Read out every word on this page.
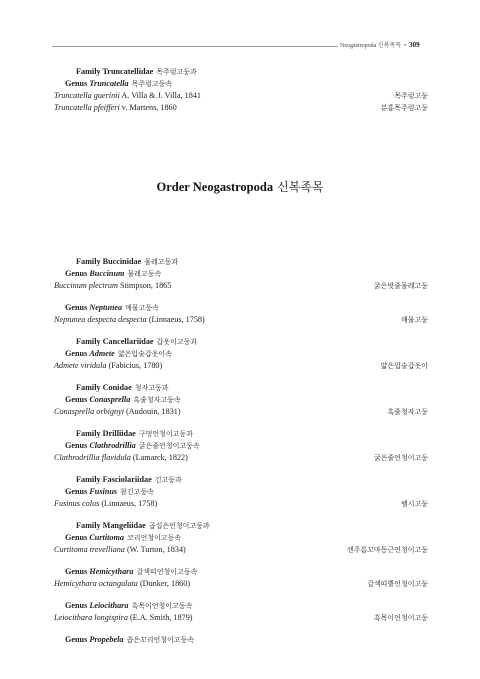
Neogastropoda 신복족목 • 309
Family Truncatellidae 목주렁고둥과
Genus Truncatella 목주렁고둥속
Truncatella guerinii A. Villa & J. Villa, 1841	목주렁고둥
Truncatella pfeifferi v. Martens, 1860	분홍목주렁고둥
Order Neogastropoda 신복족목
Family Buccinidae 물레고둥과
Genus Buccinum 물레고둥속
Buccinum plectrum Stimpson, 1865	굵은빗줄물레고둥
Genus Neptunea 매물고둥속
Neptunea despecta despecta (Linnaeus, 1758)	매물고둥
Family Cancellariidae 갑옷이고둥과
Genus Admete 얇은입술갑옷이속
Admete viridula (Fabicius, 1780)	얇은입술갑옷이
Family Conidae 청자고둥과
Genus Conasprella 흑줄청자고둥속
Conasprella orbignyi (Audouin, 1831)	흑줄청자고둥
Family Drilliidae 구멍언청이고둥과
Genus Clathrodrillia 굵은줄언청이고둥속
Clathrodrillia flavidula (Lamarck, 1822)	굵은줄언청이고둥
Family Fasciolariidae 긴고둥과
Genus Fusinus 참긴고둥속
Fusinus colus (Linnaeus, 1758)	뱀시고둥
Family Mangeliidae 곱십은언청이고둥과
Genus Curtitoma 코리언청이고둥속
Curtitoma trevelliana (W. Turton, 1834)	센주름꼬마동근언청이고둥
Genus Hemicythara 갈색띠언청이고둥속
Hemicythara octangulata (Dunker, 1860)	갈색띠뿔언청이고둥
Genus Leiocithara 흑목이언청이고둥속
Leiocithara longispira (E.A. Smith, 1879)	흑목이언청이고둥
Genus Propebela 좁은꼬리언청이고둥속
